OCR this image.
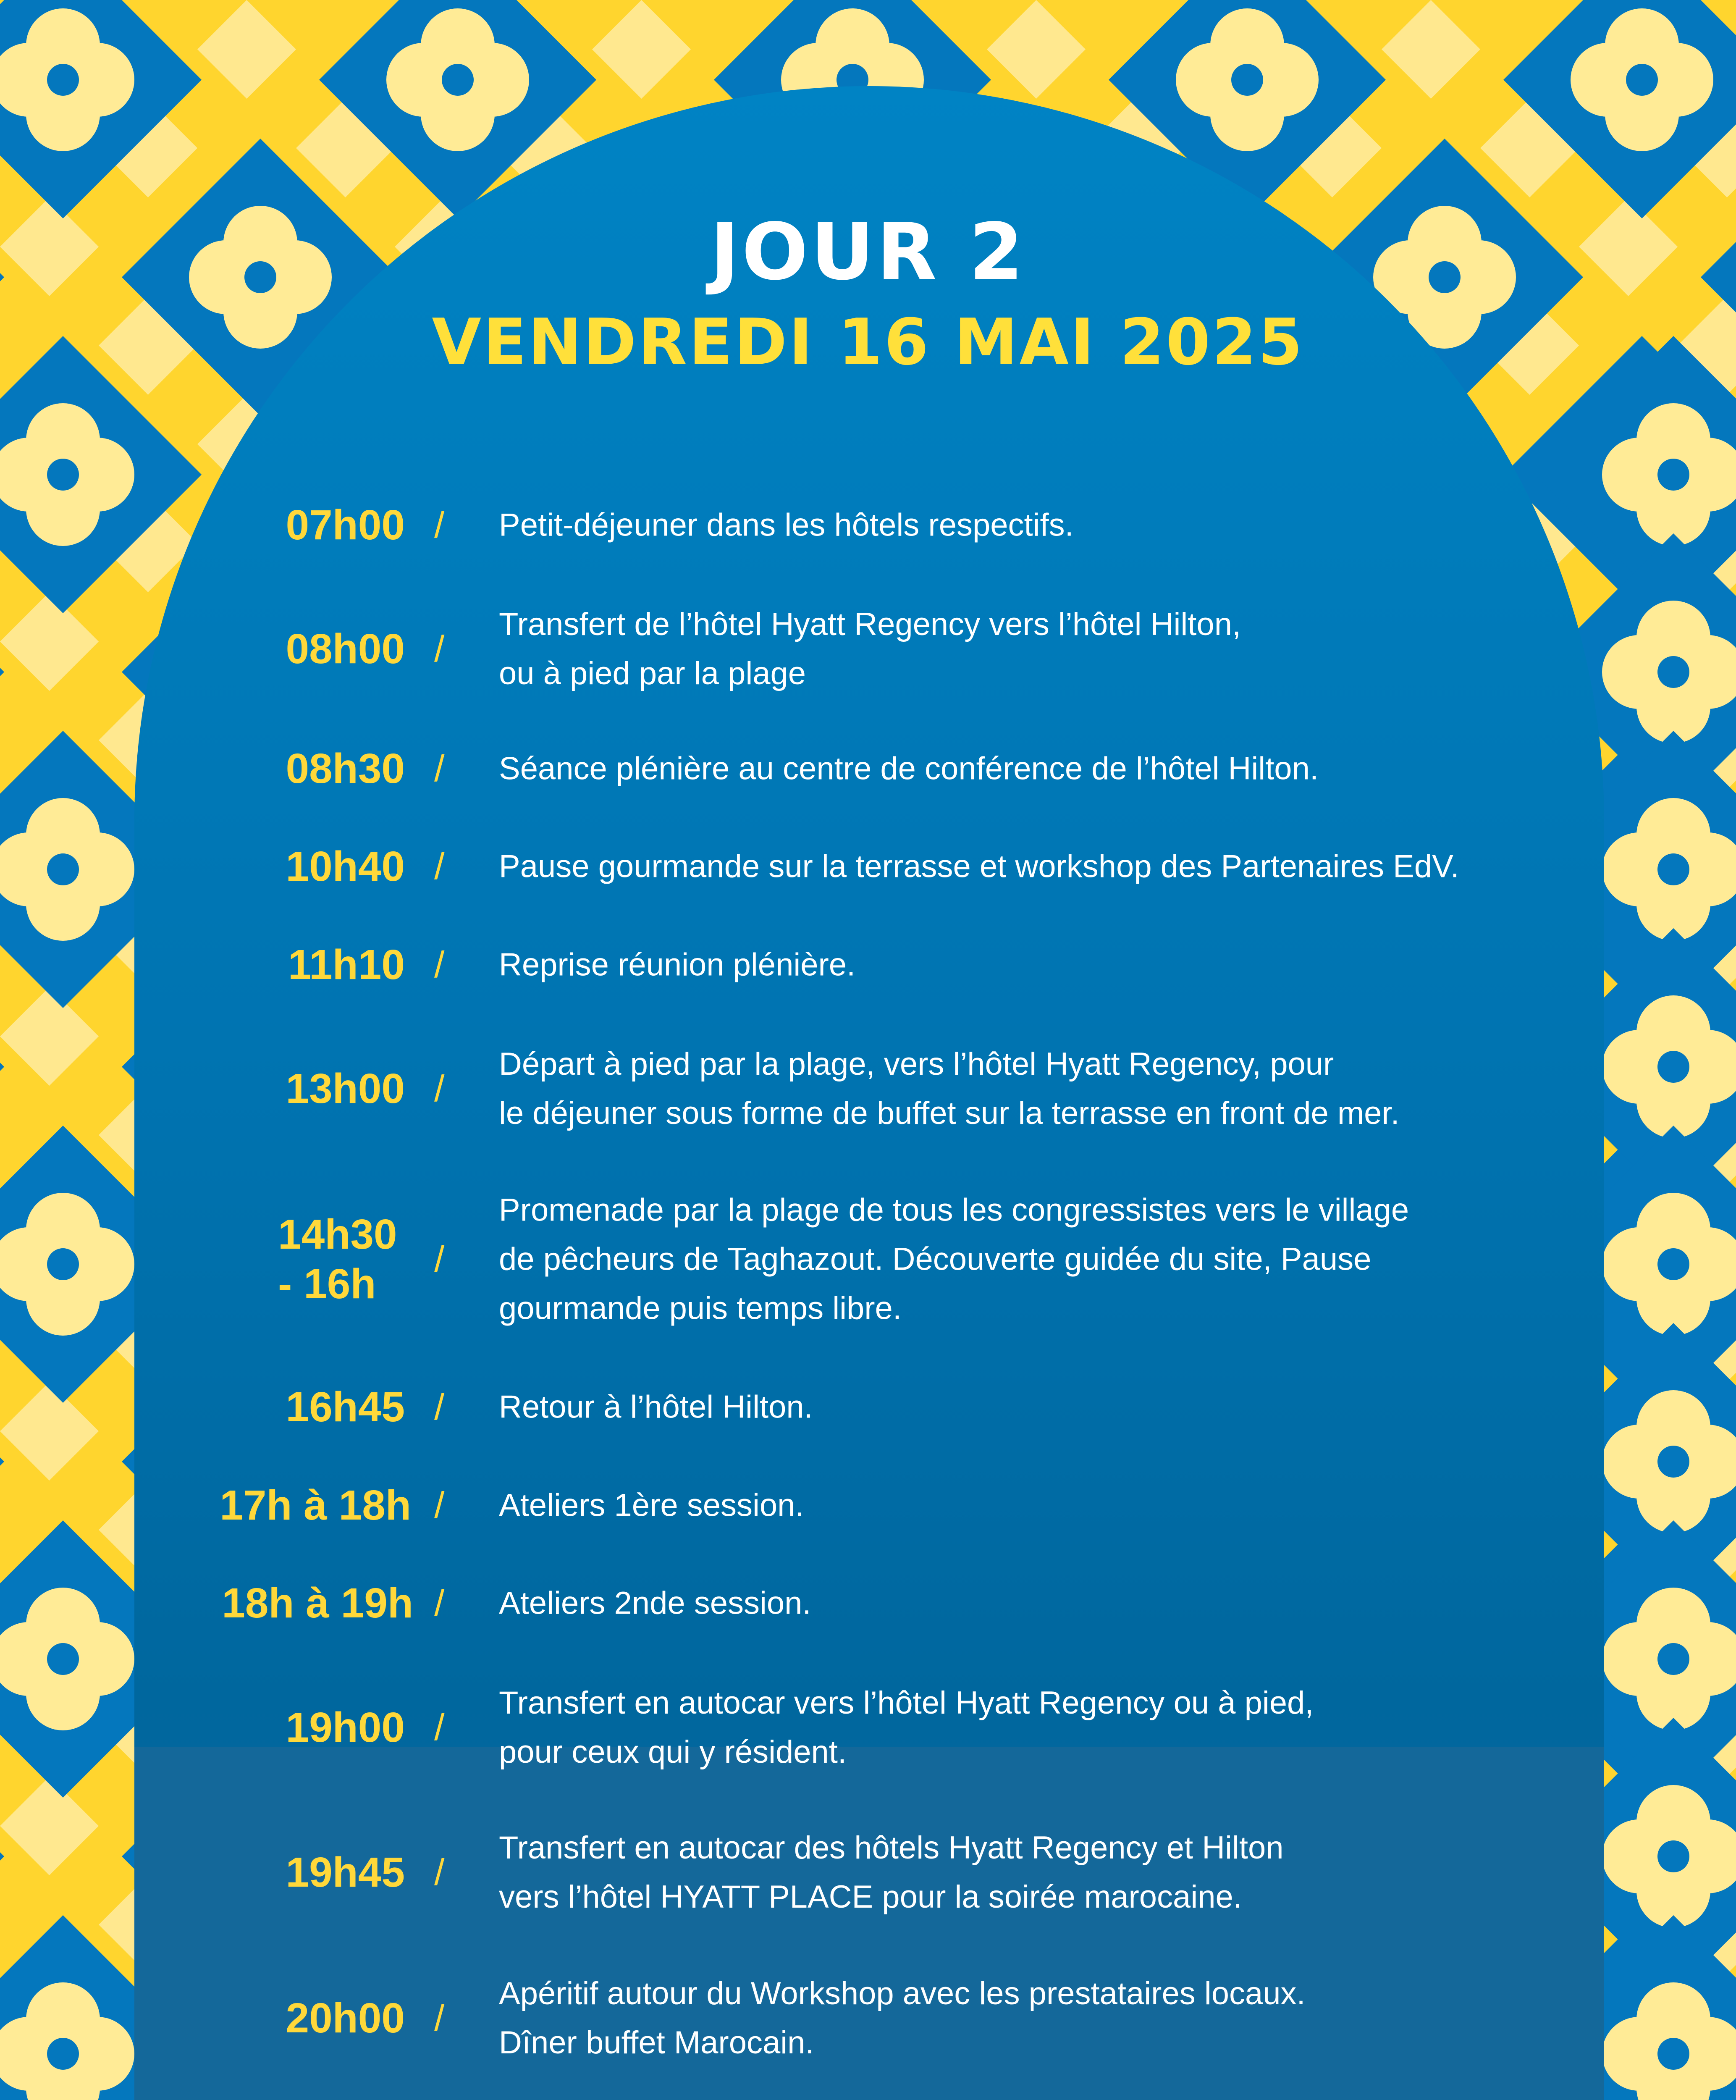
JOUR 2
VENDREDI 16 MAI 2025
07h00 / Petit-déjeuner dans les hôtels respectifs.
08h00 /
Transfert de l’hôtel Hyatt Regency vers l’hôtel Hilton,
ou à pied par la plage
08h30 / Séance plénière au centre de conférence de l’hôtel Hilton.
10h40 / Pause gourmande sur la terrasse et workshop des Partenaires EdV.
11h10 / Reprise réunion plénière.
13h00 /
Départ à pied par la plage, vers l’hôtel Hyatt Regency, pour
le déjeuner sous forme de buffet sur la terrasse en front de mer.
14h30
- 16h
/
Promenade par la plage de tous les congressistes vers le village
de pêcheurs de Taghazout. Découverte guidée du site, Pause
gourmande puis temps libre.
16h45 / Retour à l’hôtel Hilton.
17h à 18h / Ateliers 1ère session.
18h à 19h / Ateliers 2nde session.
19h00 /
Transfert en autocar vers l’hôtel Hyatt Regency ou à pied,
pour ceux qui y résident.
19h45 /
Transfert en autocar des hôtels Hyatt Regency et Hilton
vers l’hôtel HYATT PLACE pour la soirée marocaine.
20h00 /
Apéritif autour du Workshop avec les prestataires locaux.
Dîner buffet Marocain.
